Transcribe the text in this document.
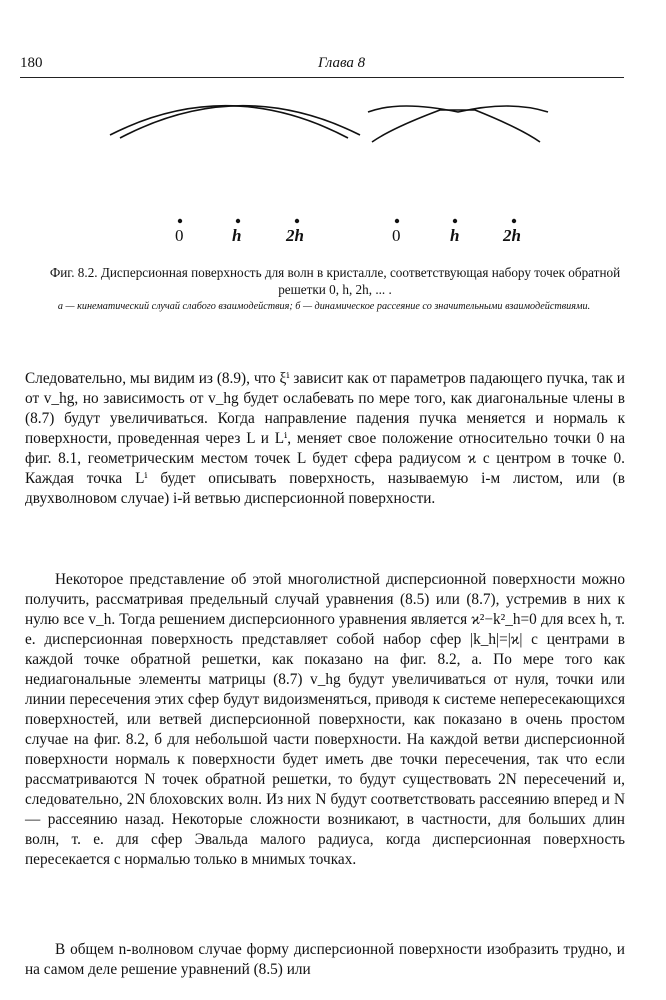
180	Глава 8
0	h	2h	0	h	2h
Фиг. 8.2. Дисперсионная поверхность для волн в кристалле, соответствующая набору точек обратной решетки 0, h, 2h, ... .
а — кинематический случай слабого взаимодействия; б — динамическое рассеяние со значительными взаимодействиями.

Следовательно, мы видим из (8.9), что ξⁱ зависит как от параметров падающего пучка, так и от v_hg, но зависимость от v_hg будет ослабевать по мере того, как диагональные члены в (8.7) будут увеличиваться. Когда направление падения пучка меняется и нормаль к поверхности, проведенная через L и Lⁱ, меняет свое положение относительно точки 0 на фиг. 8.1, геометрическим местом точек L будет сфера радиусом ϰ с центром в точке 0. Каждая точка Lⁱ будет описывать поверхность, называемую i-м листом, или (в двухволновом случае) i-й ветвью дисперсионной поверхности.

Некоторое представление об этой многолистной дисперсионной поверхности можно получить, рассматривая предельный случай уравнения (8.5) или (8.7), устремив в них к нулю все v_h. Тогда решением дисперсионного уравнения является ϰ²−k²_h=0 для всех h, т. е. дисперсионная поверхность представляет собой набор сфер |k_h|=|ϰ| с центрами в каждой точке обратной решетки, как показано на фиг. 8.2, а. По мере того как недиагональные элементы матрицы (8.7) v_hg будут увеличиваться от нуля, точки или линии пересечения этих сфер будут видоизменяться, приводя к системе непересекающихся поверхностей, или ветвей дисперсионной поверхности, как показано в очень простом случае на фиг. 8.2, б для небольшой части поверхности. На каждой ветви дисперсионной поверхности нормаль к поверхности будет иметь две точки пересечения, так что если рассматриваются N точек обратной решетки, то будут существовать 2N пересечений и, следовательно, 2N блоховских волн. Из них N будут соответствовать рассеянию вперед и N — рассеянию назад. Некоторые сложности возникают, в частности, для больших длин волн, т. е. для сфер Эвальда малого радиуса, когда дисперсионная поверхность пересекается с нормалью только в мнимых точках.

В общем n-волновом случае форму дисперсионной поверхности изобразить трудно, и на самом деле решение уравнений (8.5) или
